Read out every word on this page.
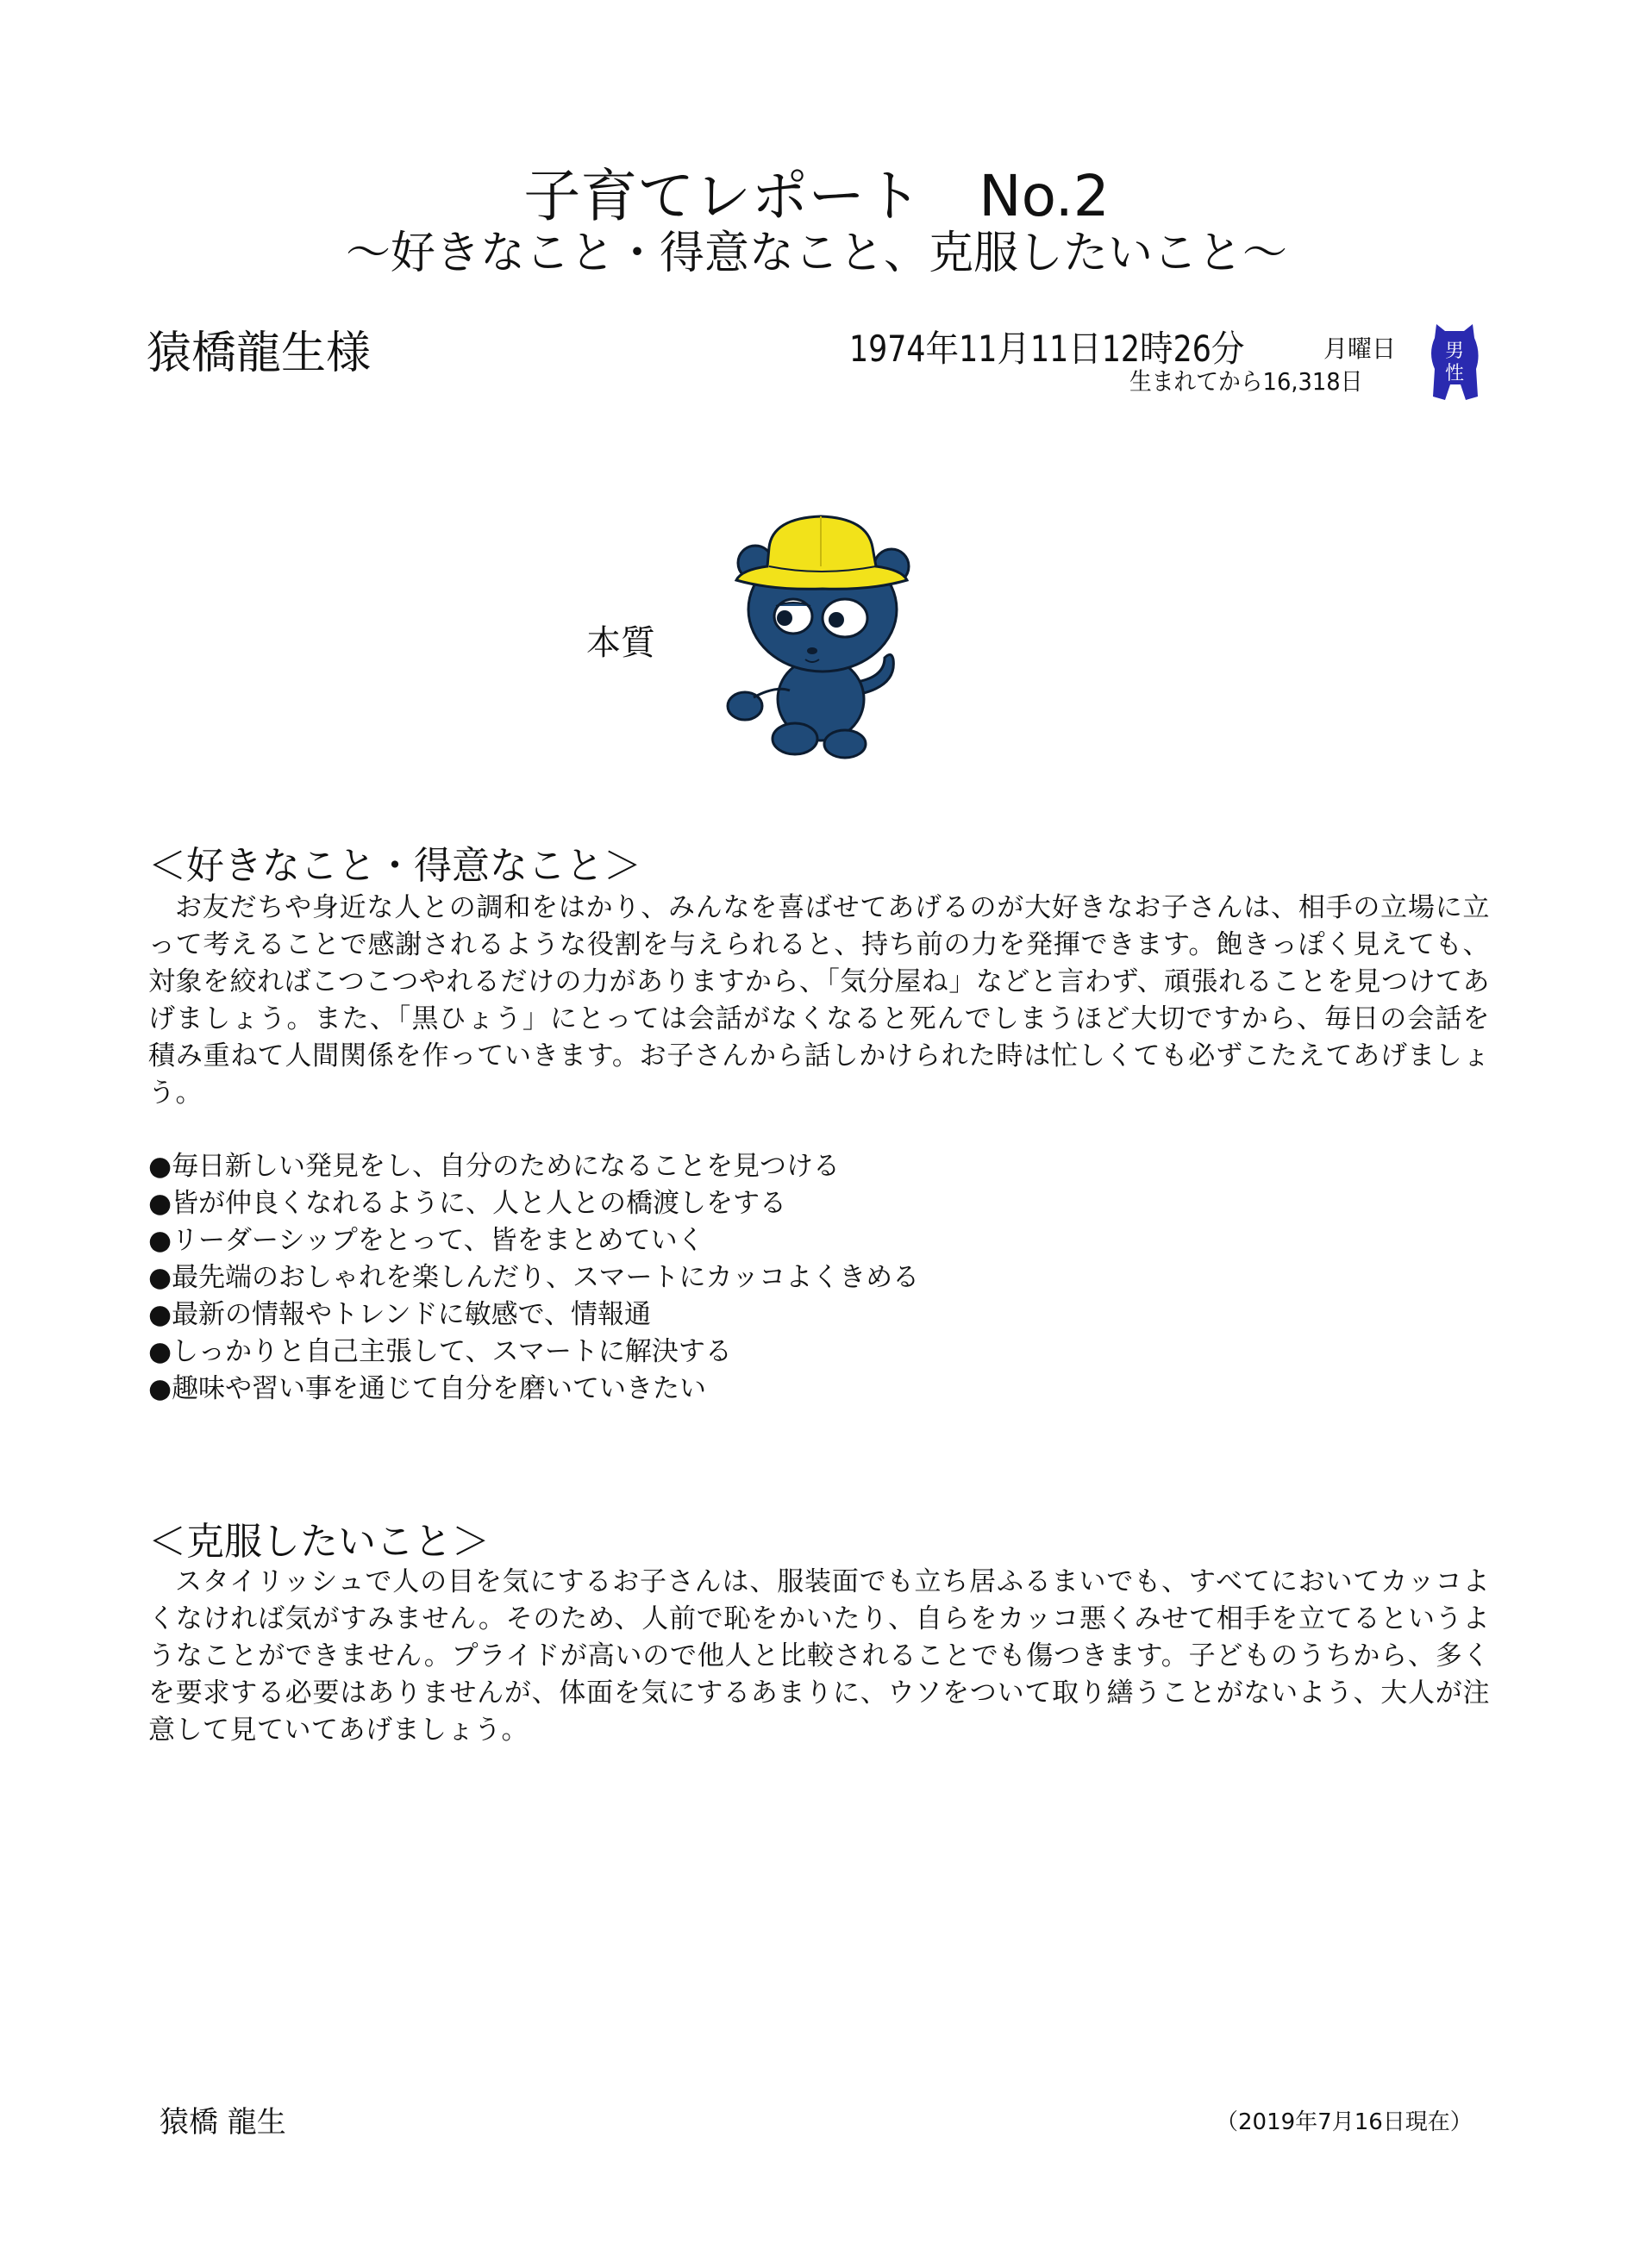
子育てレポート　No.2
～好きなこと・得意なこと、克服したいこと～
猿橋龍生様	1974年11月11日12時26分	月曜日
生まれてから16,318日
男
性
本質
＜好きなこと・得意なこと＞
お友だちや身近な人との調和をはかり、みんなを喜ばせてあげるのが大好きなお子さんは、相手の立場に立って考えることで感謝されるような役割を与えられると、持ち前の力を発揮できます。飽きっぽく見えても、対象を絞ればこつこつやれるだけの力がありますから、「気分屋ね」などと言わず、頑張れることを見つけてあげましょう。また、「黒ひょう」にとっては会話がなくなると死んでしまうほど大切ですから、毎日の会話を積み重ねて人間関係を作っていきます。お子さんから話しかけられた時は忙しくても必ずこたえてあげましょう。
● 毎日新しい発見をし、自分のためになることを見つける
● 皆が仲良くなれるように、人と人との橋渡しをする
● リーダーシップをとって、皆をまとめていく
● 最先端のおしゃれを楽しんだり、スマートにカッコよくきめる
● 最新の情報やトレンドに敏感で、情報通
● しっかりと自己主張して、スマートに解決する
● 趣味や習い事を通じて自分を磨いていきたい
＜克服したいこと＞
スタイリッシュで人の目を気にするお子さんは、服装面でも立ち居ふるまいでも、すべてにおいてカッコよくなければ気がすみません。そのため、人前で恥をかいたり、自らをカッコ悪くみせて相手を立てるというようなことができません。プライドが高いので他人と比較されることでも傷つきます。子どものうちから、多くを要求する必要はありませんが、体面を気にするあまりに、ウソをついて取り繕うことがないよう、大人が注意して見ていてあげましょう。
猿橋 龍生	（2019年7月16日現在）
